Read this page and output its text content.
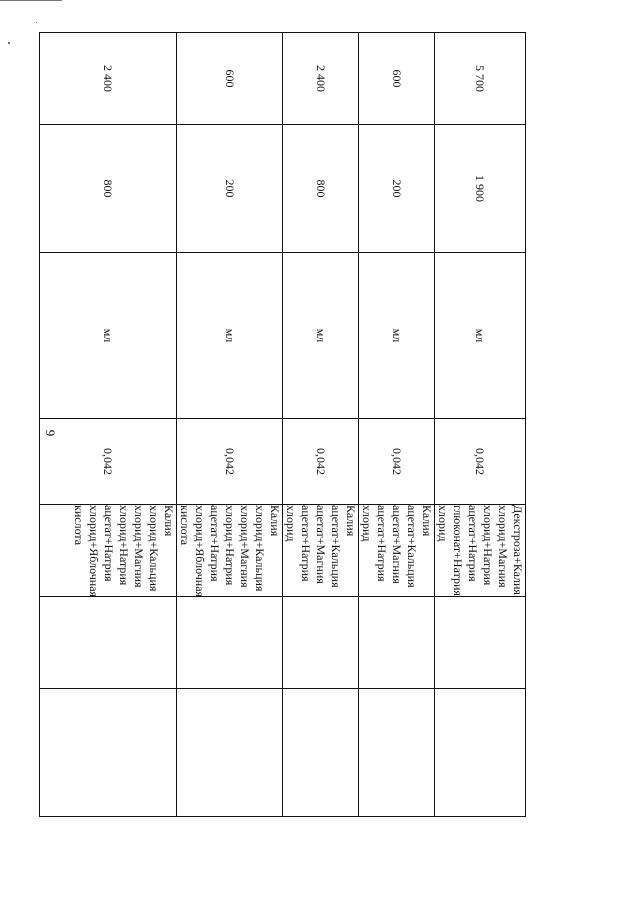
9
5 700	1 900	мл	0,042	Декстроза+Калия хлорид+Магния хлорид+Натрия ацетат+Натрия глюконат+Натрия хлорид		
600	200	мл	0,042	Калия ацетат+Кальция ацетат+Магния ацетат+Натрия хлорид		
2 400	800	мл	0,042	Калия ацетат+Кальция ацетат+Магния ацетат+Натрия хлорид		
600	200	мл	0,042	Калия хлорид+Кальция хлорид+Магния хлорид+Натрия ацетат+Натрия хлорид+Яблочная кислота		
2 400	800	мл	0,042	Калия хлорид+Кальция хлорид+Магния хлорид+Натрия ацетат+Натрия хлорид+Яблочная кислота		
